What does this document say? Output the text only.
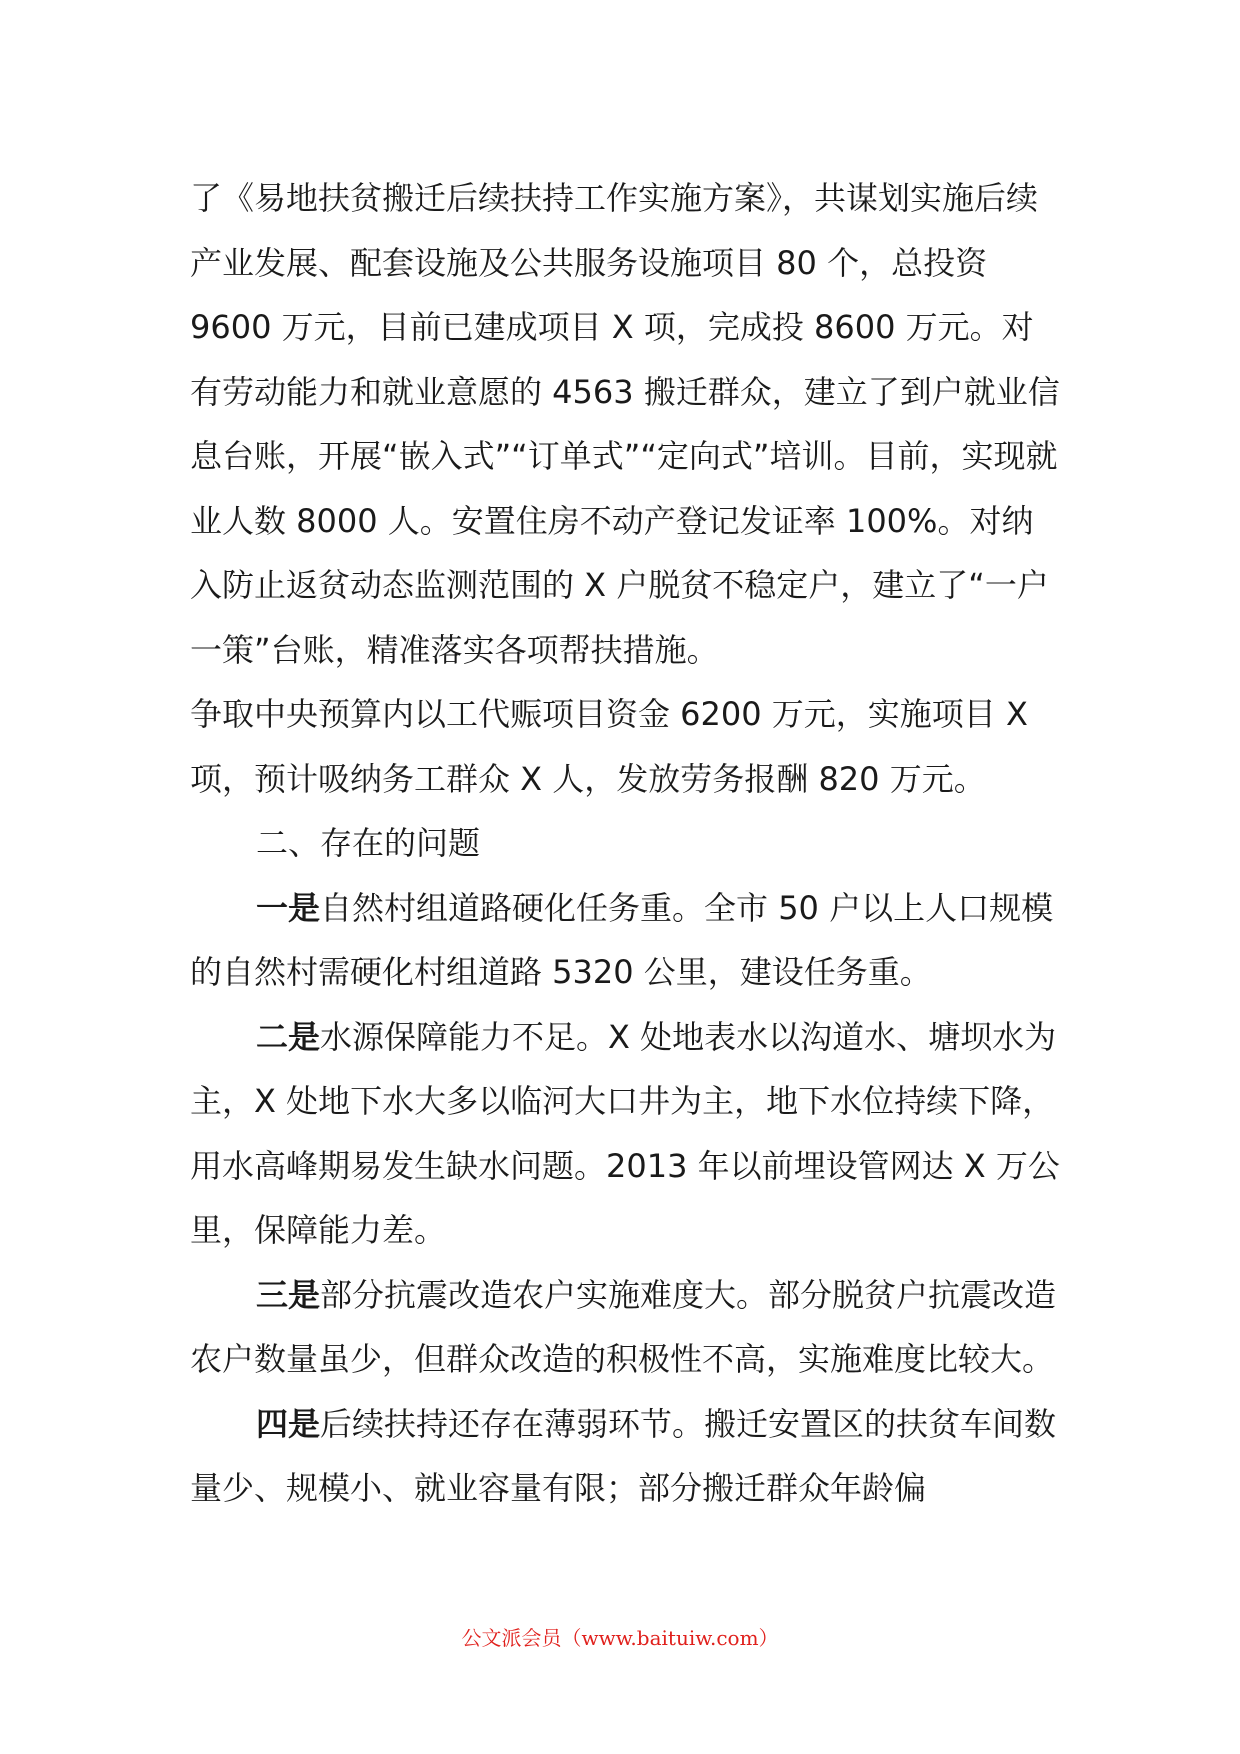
了《易地扶贫搬迁后续扶持工作实施方案》，共谋划实施后续产业发展、配套设施及公共服务设施项目 80 个，总投资 9600 万元，目前已建成项目 X 项，完成投 8600 万元。对有劳动能力和就业意愿的 4563 搬迁群众，建立了到户就业信息台账，开展“嵌入式”“订单式”“定向式”培训。目前，实现就业人数 8000 人。安置住房不动产登记发证率 100%。对纳入防止返贫动态监测范围的 X 户脱贫不稳定户，建立了“一户一策”台账，精准落实各项帮扶措施。

争取中央预算内以工代赈项目资金 6200 万元，实施项目 X 项，预计吸纳务工群众 X 人，发放劳务报酬 820 万元。

二、存在的问题

一是自然村组道路硬化任务重。全市 50 户以上人口规模的自然村需硬化村组道路 5320 公里，建设任务重。

二是水源保障能力不足。X 处地表水以沟道水、塘坝水为主，X 处地下水大多以临河大口井为主，地下水位持续下降，用水高峰期易发生缺水问题。2013 年以前埋设管网达 X 万公里，保障能力差。

三是部分抗震改造农户实施难度大。部分脱贫户抗震改造农户数量虽少，但群众改造的积极性不高，实施难度比较大。

四是后续扶持还存在薄弱环节。搬迁安置区的扶贫车间数量少、规模小、就业容量有限；部分搬迁群众年龄偏

公文派会员（www.baituiw.com）
